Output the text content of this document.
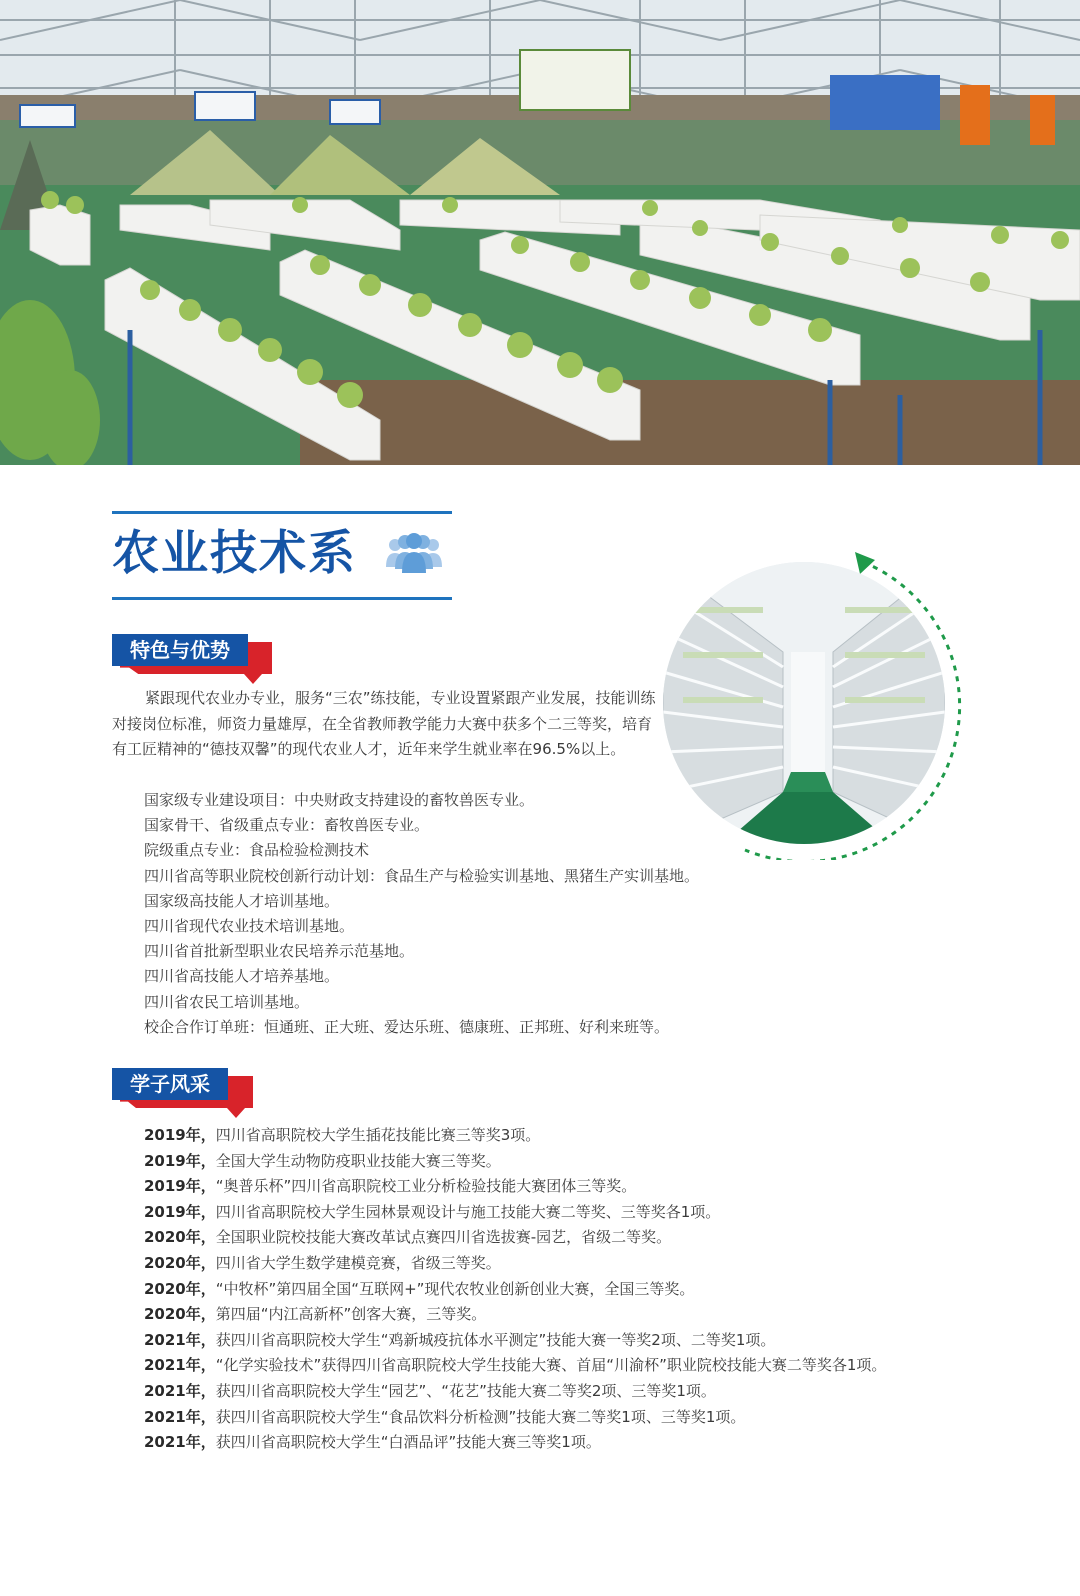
农业技术系
特色与优势

紧跟现代农业办专业，服务“三农”练技能，专业设置紧跟产业发展，技能训练对接岗位标准，师资力量雄厚，在全省教师教学能力大赛中获多个二三等奖，培育有工匠精神的“德技双馨”的现代农业人才，近年来学生就业率在96.5%以上。

国家级专业建设项目：中央财政支持建设的畜牧兽医专业。
国家骨干、省级重点专业：畜牧兽医专业。
院级重点专业：食品检验检测技术
四川省高等职业院校创新行动计划：食品生产与检验实训基地、黑猪生产实训基地。
国家级高技能人才培训基地。
四川省现代农业技术培训基地。
四川省首批新型职业农民培养示范基地。
四川省高技能人才培养基地。
四川省农民工培训基地。
校企合作订单班：恒通班、正大班、爱达乐班、德康班、正邦班、好利来班等。
学子风采
2019年，四川省高职院校大学生插花技能比赛三等奖3项。
2019年，全国大学生动物防疫职业技能大赛三等奖。
2019年，“奥普乐杯”四川省高职院校工业分析检验技能大赛团体三等奖。
2019年，四川省高职院校大学生园林景观设计与施工技能大赛二等奖、三等奖各1项。
2020年，全国职业院校技能大赛改革试点赛四川省选拔赛-园艺，省级二等奖。
2020年，四川省大学生数学建模竞赛，省级三等奖。
2020年，“中牧杯”第四届全国“互联网+”现代农牧业创新创业大赛，全国三等奖。
2020年，第四届“内江高新杯”创客大赛，三等奖。
2021年，获四川省高职院校大学生“鸡新城疫抗体水平测定”技能大赛一等奖2项、二等奖1项。
2021年，“化学实验技术”获得四川省高职院校大学生技能大赛、首届“川渝杯”职业院校技能大赛二等奖各1项。
2021年，获四川省高职院校大学生“园艺”、“花艺”技能大赛二等奖2项、三等奖1项。
2021年，获四川省高职院校大学生“食品饮料分析检测”技能大赛二等奖1项、三等奖1项。
2021年，获四川省高职院校大学生“白酒品评”技能大赛三等奖1项。
